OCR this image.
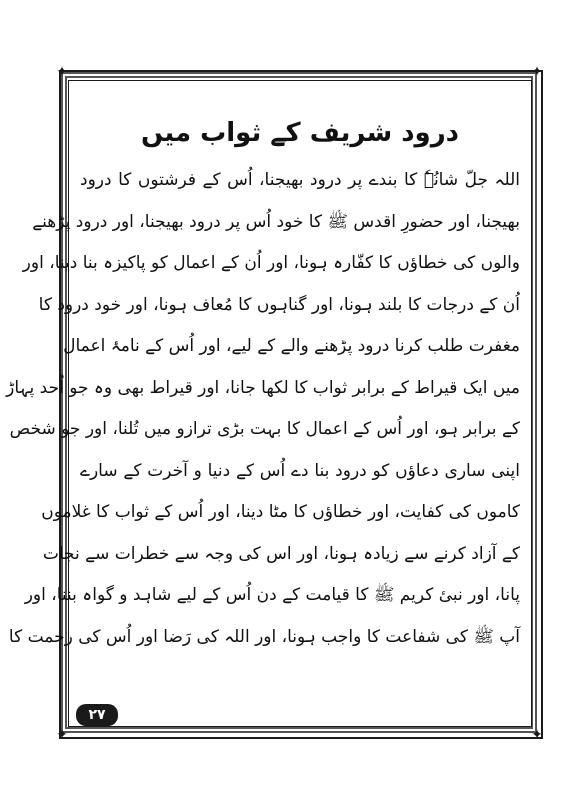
✦	✦
✦	✦
درود شریف کے ثواب میں
اللہ جلّ شانُہٗ کا بندے پر درود بھیجنا، اُس کے فرشتوں کا درود
بھیجنا، اور حضورِ اقدس ﷺ کا خود اُس پر درود بھیجنا، اور درود پڑھنے
والوں کی خطاؤں کا کفّارہ ہونا، اور اُن کے اعمال کو پاکیزہ بنا دینا، اور
اُن کے درجات کا بلند ہونا، اور گناہوں کا مُعاف ہونا، اور خود درود کا
مغفرت طلب کرنا درود پڑھنے والے کے لیے، اور اُس کے نامۂ اعمال
میں ایک قیراط کے برابر ثواب کا لکھا جانا، اور قیراط بھی وہ جو اُحد پہاڑ
کے برابر ہو، اور اُس کے اعمال کا بہت بڑی ترازو میں تُلنا، اور جو شخص
اپنی ساری دعاؤں کو درود بنا دے اُس کے دنیا و آخرت کے سارے
کاموں کی کفایت، اور خطاؤں کا مٹا دینا، اور اُس کے ثواب کا غلاموں
کے آزاد کرنے سے زیادہ ہونا، اور اس کی وجہ سے خطرات سے نجات
پانا، اور نبیٔ کریم ﷺ کا قیامت کے دن اُس کے لیے شاہد و گواہ بننا، اور
آپ ﷺ کی شفاعت کا واجب ہونا، اور اللہ کی رَضا اور اُس کی رحمت کا
۲۷
